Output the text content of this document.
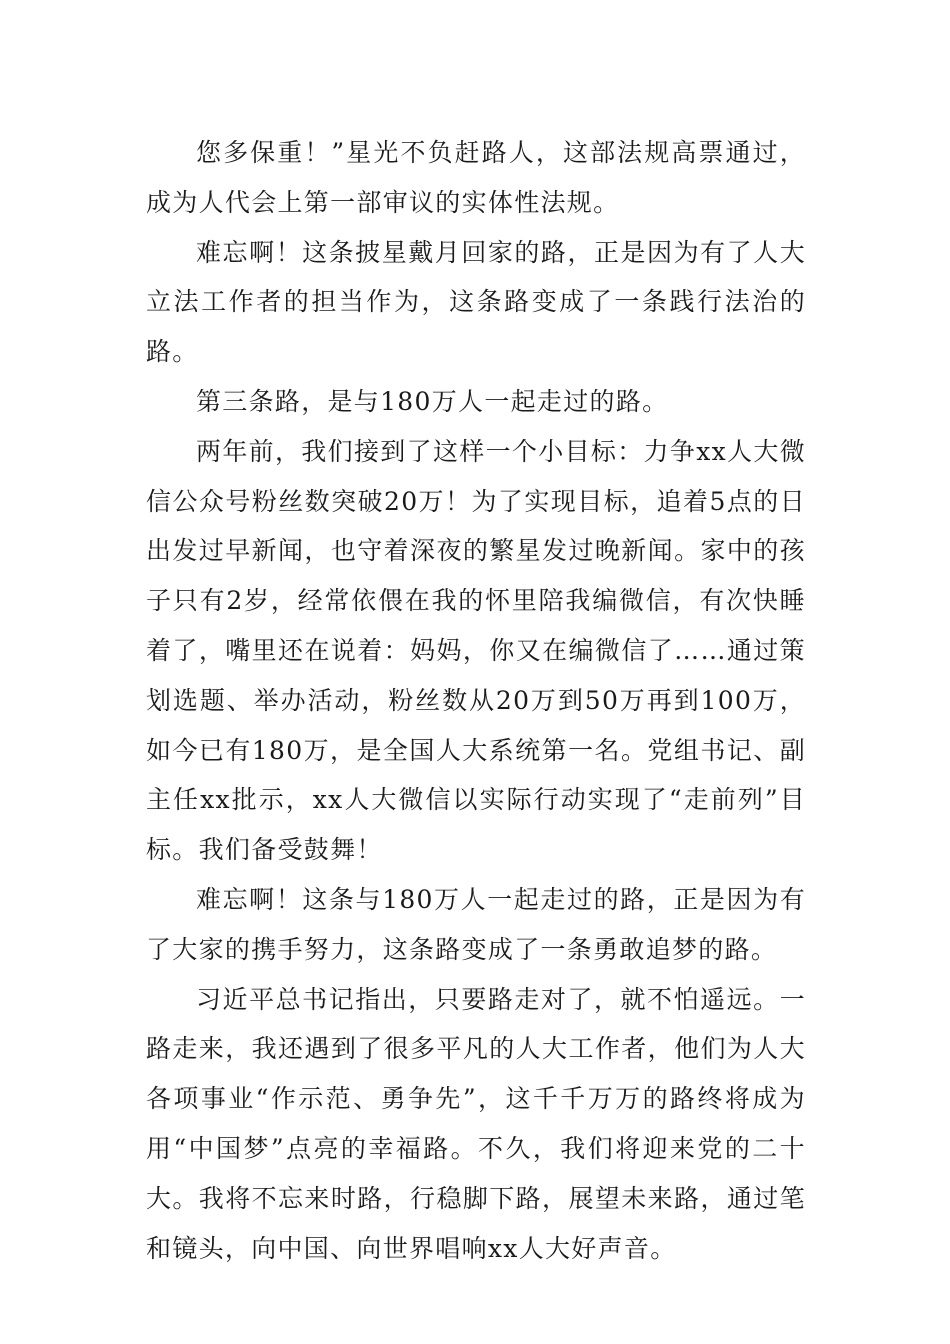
您多保重！”星光不负赶路人，这部法规高票通过，成为人代会上第一部审议的实体性法规。

难忘啊！这条披星戴月回家的路，正是因为有了人大立法工作者的担当作为，这条路变成了一条践行法治的路。

第三条路，是与180万人一起走过的路。

两年前，我们接到了这样一个小目标：力争xx人大微信公众号粉丝数突破20万！为了实现目标，追着5点的日出发过早新闻，也守着深夜的繁星发过晚新闻。家中的孩子只有2岁，经常依偎在我的怀里陪我编微信，有次快睡着了，嘴里还在说着：妈妈，你又在编微信了……通过策划选题、举办活动，粉丝数从20万到50万再到100万，如今已有180万，是全国人大系统第一名。党组书记、副主任xx批示，xx人大微信以实际行动实现了“走前列”目标。我们备受鼓舞！

难忘啊！这条与180万人一起走过的路，正是因为有了大家的携手努力，这条路变成了一条勇敢追梦的路。

习近平总书记指出，只要路走对了，就不怕遥远。一路走来，我还遇到了很多平凡的人大工作者，他们为人大各项事业“作示范、勇争先”，这千千万万的路终将成为用“中国梦”点亮的幸福路。不久，我们将迎来党的二十大。我将不忘来时路，行稳脚下路，展望未来路，通过笔和镜头，向中国、向世界唱响xx人大好声音。
